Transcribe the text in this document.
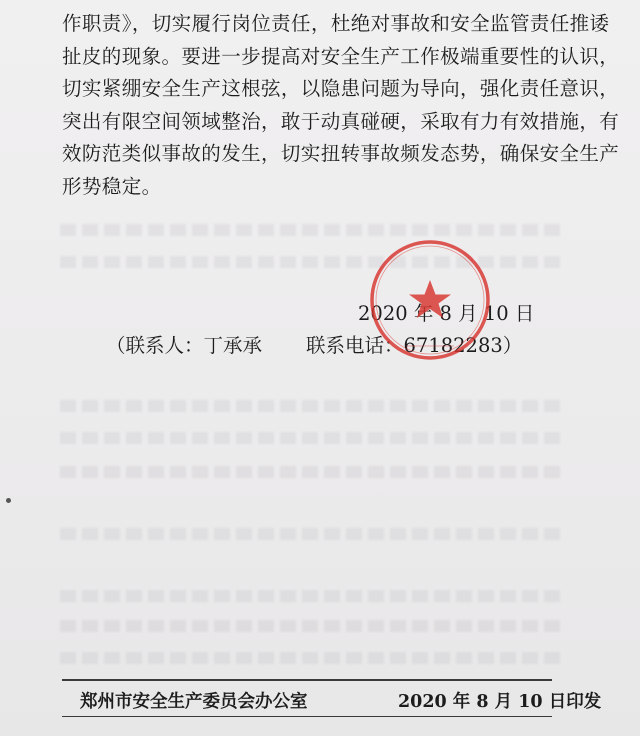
作职责》，切实履行岗位责任，杜绝对事故和安全监管责任推诿
扯皮的现象。要进一步提高对安全生产工作极端重要性的认识，
切实紧绷安全生产这根弦，以隐患问题为导向，强化责任意识，
突出有限空间领域整治，敢于动真碰硬，采取有力有效措施，有
效防范类似事故的发生，切实扭转事故频发态势，确保安全生产
形势稳定。
2020 年 8 月 10 日
（联系人：丁承承 联系电话：67182283）
郑州市安全生产委员会办公室	2020 年 8 月 10 日印发
